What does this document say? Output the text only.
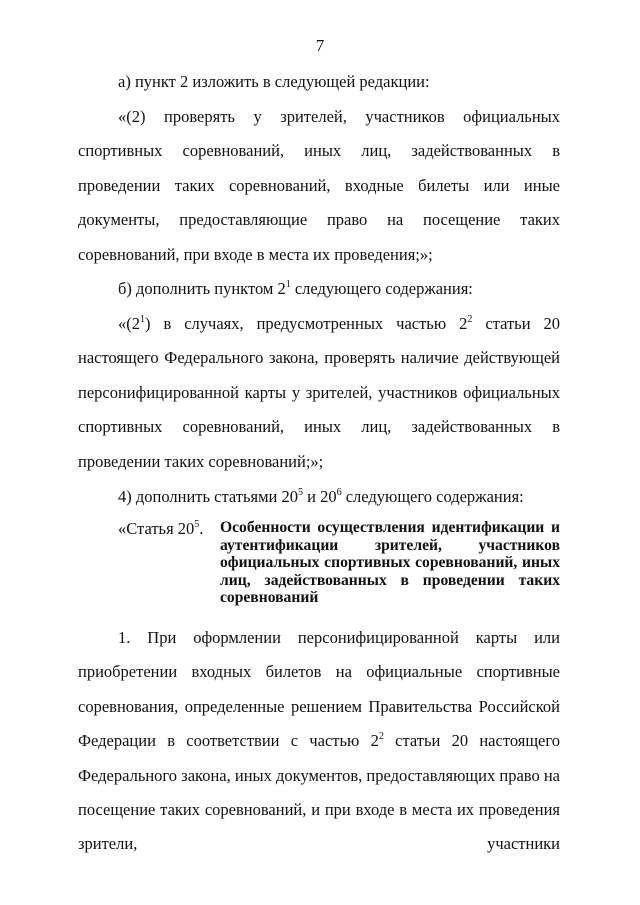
7

а) пункт 2 изложить в следующей редакции:

«(2) проверять у зрителей, участников официальных спортивных соревнований, иных лиц, задействованных в проведении таких соревнований, входные билеты или иные документы, предоставляющие право на посещение таких соревнований, при входе в места их проведения;»;

б) дополнить пунктом $2^1$ следующего содержания:

«$(2^1)$ в случаях, предусмотренных частью $2^2$ статьи 20 настоящего Федерального закона, проверять наличие действующей персонифицированной карты у зрителей, участников официальных спортивных соревнований, иных лиц, задействованных в проведении таких соревнований;»;

4) дополнить статьями $20^5$ и $20^6$ следующего содержания:

«Статья $20^5$. Особенности осуществления идентификации и аутентификации зрителей, участников официальных спортивных соревнований, иных лиц, задействованных в проведении таких соревнований

1. При оформлении персонифицированной карты или приобретении входных билетов на официальные спортивные соревнования, определенные решением Правительства Российской Федерации в соответствии с частью $2^2$ статьи 20 настоящего Федерального закона, иных документов, предоставляющих право на посещение таких соревнований, и при входе в места их проведения зрители, участники
